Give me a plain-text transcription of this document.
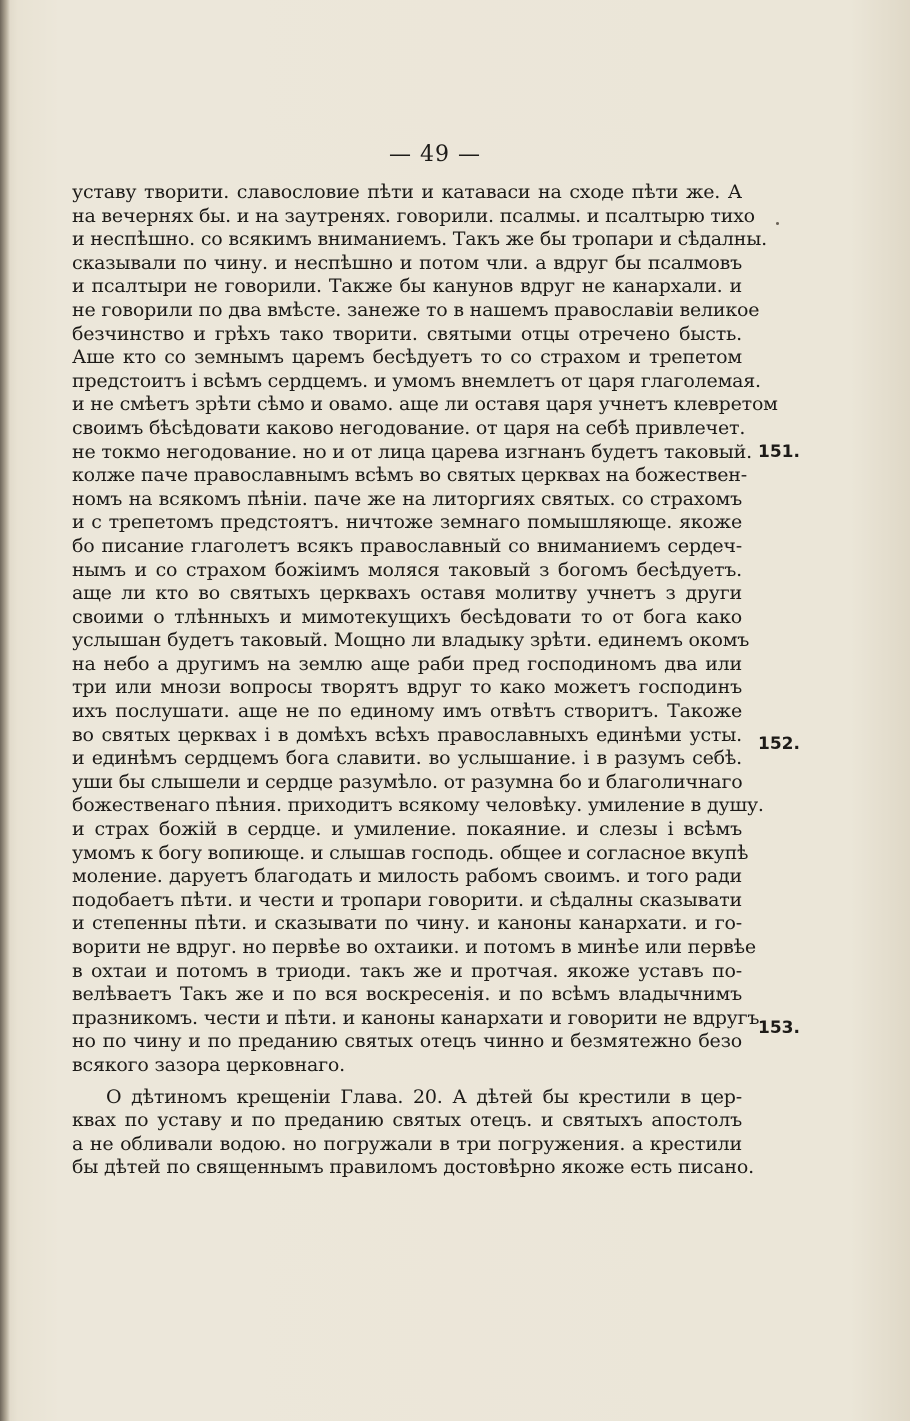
— 49 —
уставу творити. славословие пѣти и катаваси на сходе пѣти же. А
на вечернях бы. и на заутренях. говорили. псалмы. и псалтырю тихо
и неспѣшно. со всякимъ вниманиемъ. Такъ же бы тропари и сѣдалны.
сказывали по чину. и неспѣшно и потом чли. а вдруг бы псалмовъ
и псалтыри не говорили. Также бы канунов вдруг не канархали. и
не говорили по два вмѣсте. занеже то в нашемъ православіи великое
безчинство и грѣхъ тако творити. святыми отцы отречено бысть.
Аше кто со земнымъ царемъ бесѣдуетъ то со страхом и трепетом
предстоитъ і всѣмъ сердцемъ. и умомъ внемлетъ от царя глаголемая.
и не смѣетъ зрѣти сѣмо и овамо. аще ли оставя царя учнетъ клевретом
своимъ бѣсѣдовати каково негодование. от царя на себѣ привлечет.
не токмо негодование. но и от лица царева изгнанъ будетъ таковый.
колже паче православнымъ всѣмъ во святых церквах на божествен-
номъ на всякомъ пѣніи. паче же на литоргиях святых. со страхомъ
и с трепетомъ предстоятъ. ничтоже земнаго помышляюще. якоже
бо писание глаголетъ всякъ православный со вниманиемъ сердеч-
нымъ и со страхом божіимъ моляся таковый з богомъ бесѣдуетъ.
аще ли кто во святыхъ церквахъ оставя молитву учнетъ з други
своими о тлѣнныхъ и мимотекущихъ бесѣдовати то от бога како
услышан будетъ таковый. Мощно ли владыку зрѣти. единемъ окомъ
на небо а другимъ на землю аще раби пред господиномъ два или
три или мнози вопросы творятъ вдруг то како можетъ господинъ
ихъ послушати. аще не по единому имъ отвѣтъ створитъ. Такоже
во святых церквах і в домѣхъ всѣхъ православныхъ единѣми усты.
и единѣмъ сердцемъ бога славити. во услышание. і в разумъ себѣ.
уши бы слышели и сердце разумѣло. от разумна бо и благоличнаго
божественаго пѣния. приходитъ всякому человѣку. умиление в душу.
и страх божій в сердце. и умиление. покаяние. и слезы і всѣмъ
умомъ к богу вопиюще. и слышав господь. общее и согласное вкупѣ
моление. даруетъ благодать и милость рабомъ своимъ. и того ради
подобаетъ пѣти. и чести и тропари говорити. и сѣдалны сказывати
и степенны пѣти. и сказывати по чину. и каноны канархати. и го-
ворити не вдруг. но первѣе во охтаики. и потомъ в минѣе или первѣе
в охтаи и потомъ в триоди. такъ же и протчая. якоже уставъ по-
велѣваетъ Такъ же и по вся воскресенія. и по всѣмъ владычнимъ
празникомъ. чести и пѣти. и каноны канархати и говорити не вдругъ
но по чину и по преданию святых отецъ чинно и безмятежно безо
всякого зазора церковнаго.
О дѣтиномъ крещеніи Глава. 20. А дѣтей бы крестили в цер-
квах по уставу и по преданию святых отецъ. и святыхъ апостолъ
а не обливали водою. но погружали в три погружения. а крестили
бы дѣтей по священнымъ правиломъ достовѣрно якоже есть писано.
151.
152.
153.
